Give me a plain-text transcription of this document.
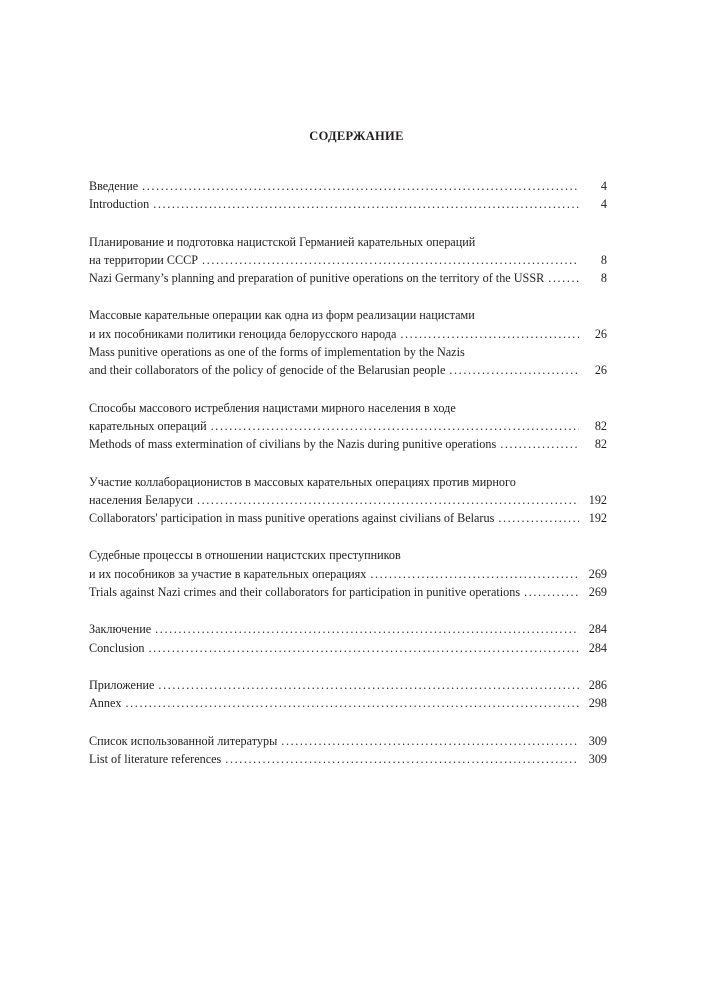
СОДЕРЖАНИЕ
Введение .....	4
Introduction .....	4
Планирование и подготовка нацистской Германией карательных операций
на территории СССР .....	8
Nazi Germany’s planning and preparation of punitive operations on the territory of the USSR .....	8
Массовые карательные операции как одна из форм реализации нацистами
и их пособниками политики геноцида белорусского народа .....	26
Mass punitive operations as one of the forms of implementation by the Nazis
and their collaborators of the policy of genocide of the Belarusian people .....	26
Способы массового истребления нацистами мирного населения в ходе
карательных операций .....	82
Methods of mass extermination of civilians by the Nazis during punitive operations .....	82
Участие коллаборационистов в массовых карательных операциях против мирного
населения Беларуси .....	192
Collaborators' participation in mass punitive operations against civilians of Belarus .....	192
Судебные процессы в отношении нацистских преступников
и их пособников за участие в карательных операциях .....	269
Trials against Nazi crimes and their collaborators for participation in punitive operations .....	269
Заключение .....	284
Conclusion .....	284
Приложение .....	286
Annex .....	298
Список использованной литературы .....	309
List of literature references .....	309
